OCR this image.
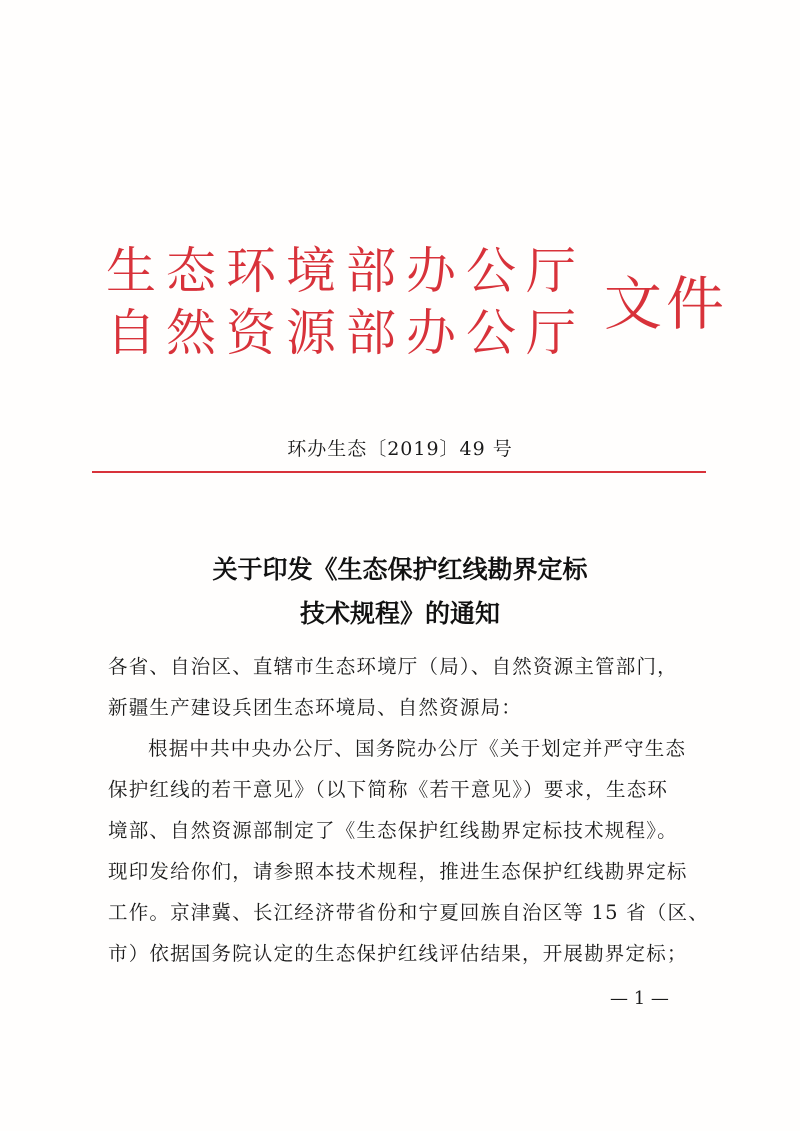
生态环境部办公厅
自然资源部办公厅 文件
环办生态〔2019〕49 号
关于印发《生态保护红线勘界定标
技术规程》的通知
各省、自治区、直辖市生态环境厅（局）、自然资源主管部门，
新疆生产建设兵团生态环境局、自然资源局：
根据中共中央办公厅、国务院办公厅《关于划定并严守生态
保护红线的若干意见》（以下简称《若干意见》）要求，生态环
境部、自然资源部制定了《生态保护红线勘界定标技术规程》。
现印发给你们，请参照本技术规程，推进生态保护红线勘界定标
工作。京津冀、长江经济带省份和宁夏回族自治区等 15 省（区、
市）依据国务院认定的生态保护红线评估结果，开展勘界定标；
— 1 —
